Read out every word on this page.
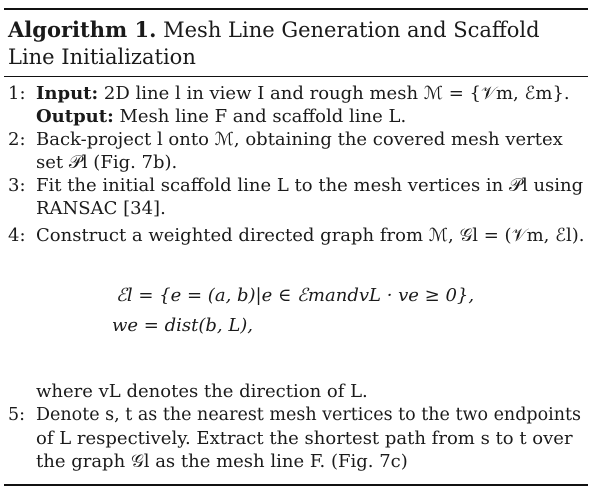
Algorithm 1. Mesh Line Generation and Scaffold Line Initialization
1: Input: 2D line l in view I and rough mesh ℳ = {𝒱m, ℰm}.
Output: Mesh line F and scaffold line L.
2: Back-project l onto ℳ, obtaining the covered mesh vertex
set 𝒫l (Fig. 7b).
3: Fit the initial scaffold line L to the mesh vertices in 𝒫l using
RANSAC [34].
4: Construct a weighted directed graph from ℳ, 𝒢l = (𝒱m, ℰl).
ℰl = {e = (a, b)|e ∈ ℰmandvL · ve ≥ 0},
we = dist(b, L),
where vL denotes the direction of L.
5: Denote s, t as the nearest mesh vertices to the two endpoints
of L respectively. Extract the shortest path from s to t over
the graph 𝒢l as the mesh line F. (Fig. 7c)
